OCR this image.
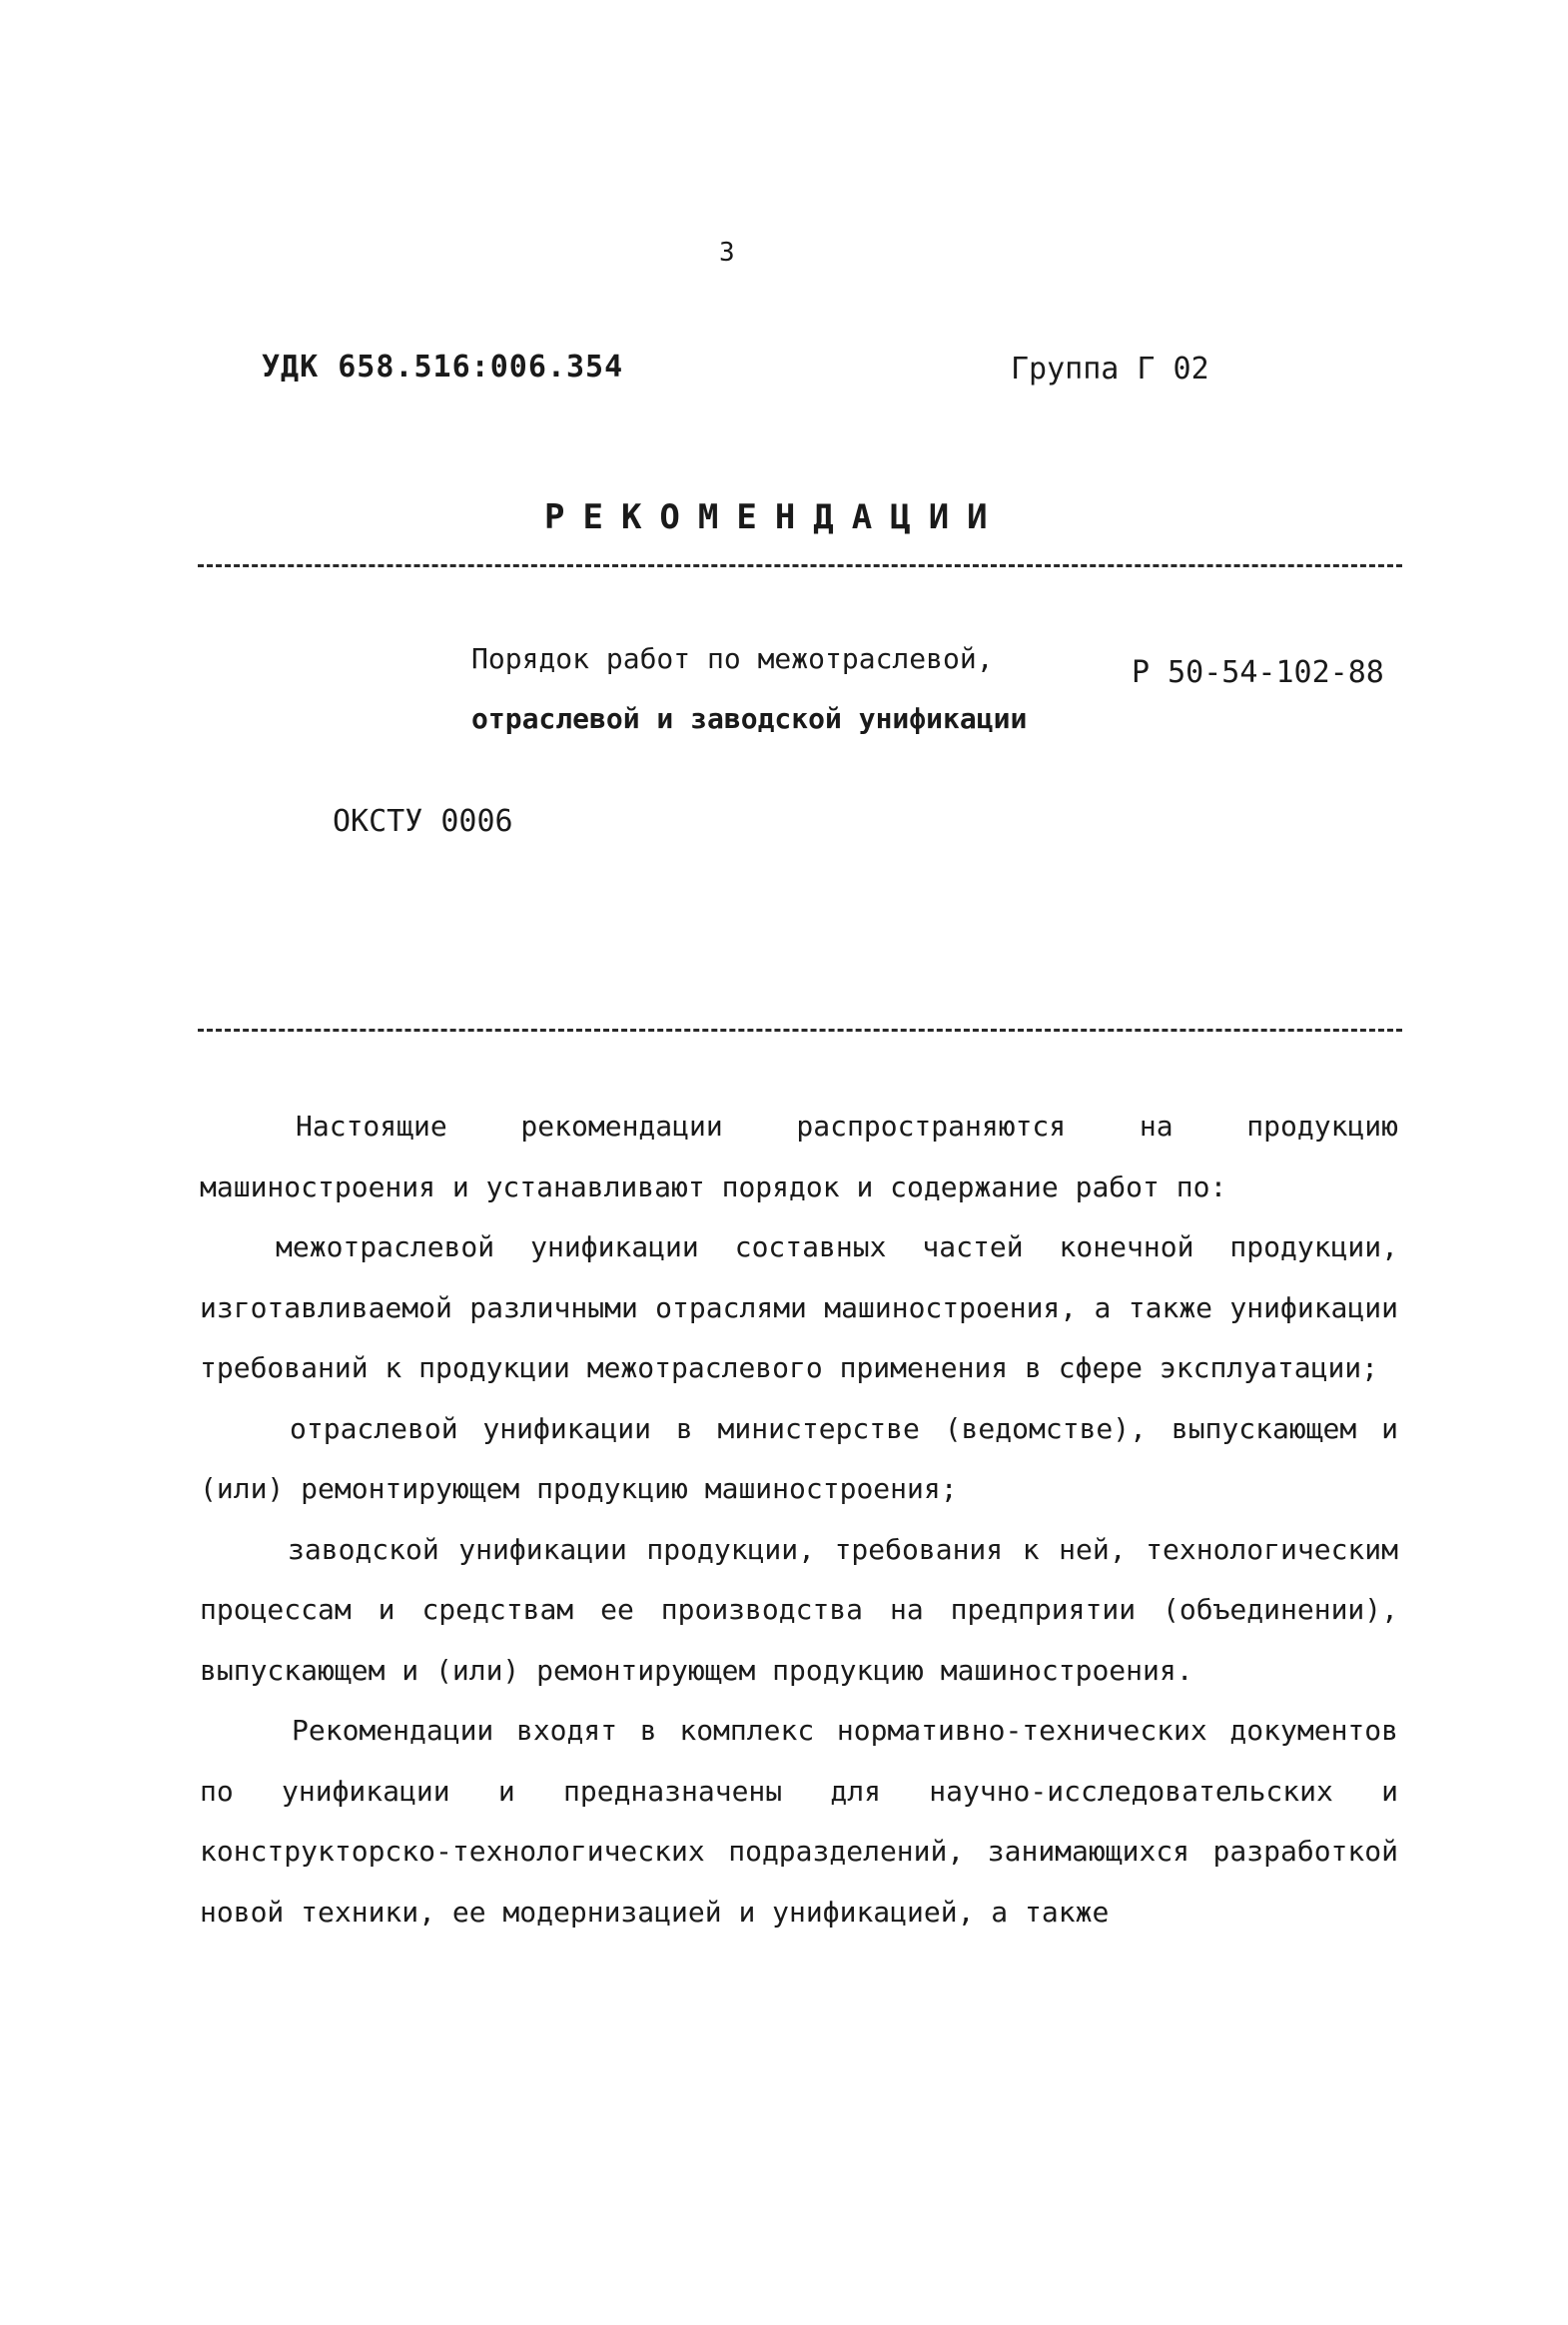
3
УДК 658.516:006.354	Группа Г 02
РЕКОМЕНДАЦИИ
Порядок работ по межотраслевой,
отраслевой и заводской унификации
Р 50-54-102-88
ОКСТУ 0006

Настоящие рекомендации распространяются на продукцию машиностроения и устанавливают порядок и содержание работ по:

межотраслевой унификации составных частей конечной продукции, изготавливаемой различными отраслями машиностроения, а также унификации требований к продукции межотраслевого применения в сфере эксплуатации;

отраслевой унификации в министерстве (ведомстве), выпускающем и (или) ремонтирующем продукцию машиностроения;

заводской унификации продукции, требования к ней, технологическим процессам и средствам ее производства на предприятии (объединении), выпускающем и (или) ремонтирующем продукцию машиностроения.

Рекомендации входят в комплекс нормативно-технических документов по унификации и предназначены для научно-исследовательских и конструкторско-технологических подразделений, занимающихся разработкой новой техники, ее модернизацией и унификацией, а также
